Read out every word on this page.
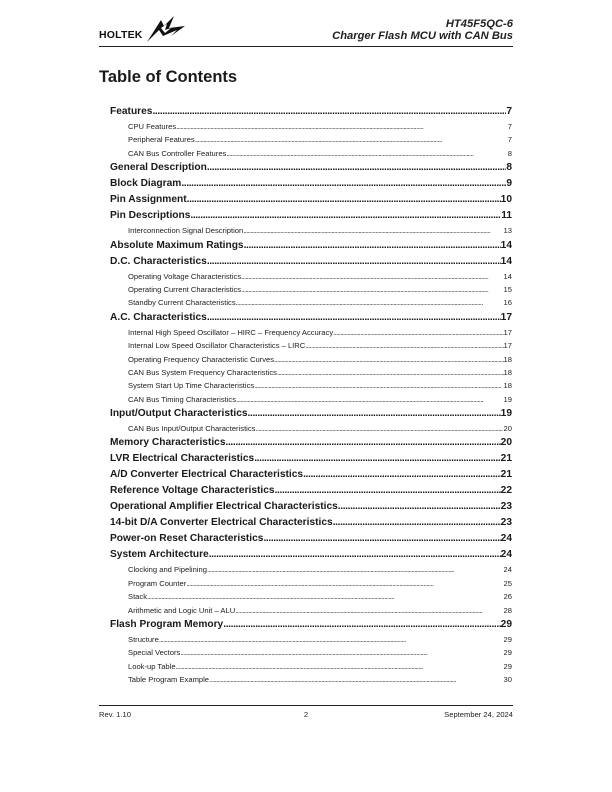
HOLTEK
HT45F5QC-6
Charger Flash MCU with CAN Bus
Table of Contents
Features . . .	7
CPU Features . . .	7
Peripheral Features . . .	7
CAN Bus Controller Features . . .	8
General Description . . .	8
Block Diagram . . .	9
Pin Assignment . . .	10
Pin Descriptions . . .	11
Interconnection Signal Description . . .	13
Absolute Maximum Ratings . . .	14
D.C. Characteristics . . .	14
Operating Voltage Characteristics . . .	14
Operating Current Characteristics . . .	15
Standby Current Characteristics . . .	16
A.C. Characteristics . . .	17
Internal High Speed Oscillator – HIRC – Frequency Accuracy . . .	17
Internal Low Speed Oscillator Characteristics – LIRC . . .	17
Operating Frequency Characteristic Curves . . .	18
CAN Bus System Frequency Characteristics . . .	18
System Start Up Time Characteristics . . .	18
CAN Bus Timing Characteristics . . .	19
Input/Output Characteristics . . .	19
CAN Bus Input/Output Characteristics . . .	20
Memory Characteristics . . .	20
LVR Electrical Characteristics . . .	21
A/D Converter Electrical Characteristics . . .	21
Reference Voltage Characteristics . . .	22
Operational Amplifier Electrical Characteristics . . .	23
14-bit D/A Converter Electrical Characteristics . . .	23
Power-on Reset Characteristics . . .	24
System Architecture . . .	24
Clocking and Pipelining . . .	24
Program Counter . . .	25
Stack . . .	26
Arithmetic and Logic Unit – ALU . . .	28
Flash Program Memory . . .	29
Structure . . .	29
Special Vectors . . .	29
Look-up Table . . .	29
Table Program Example . . .	30
Rev. 1.10	2	September 24, 2024
